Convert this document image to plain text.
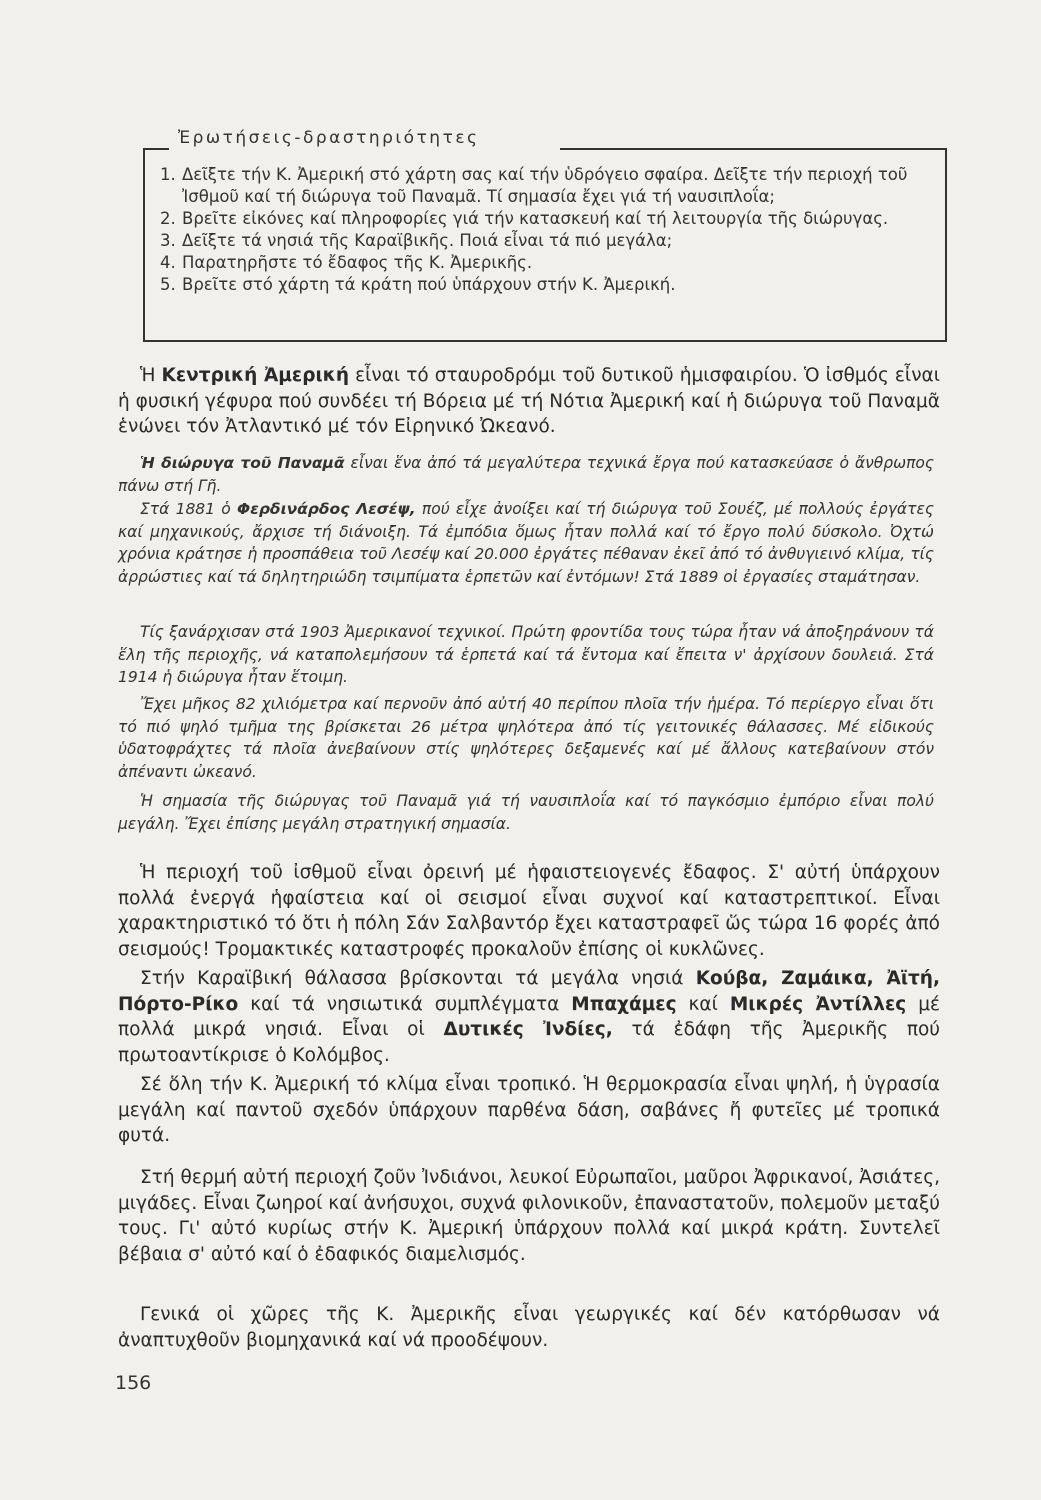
Ἐρωτήσεις-δραστηριότητες
1. Δεῖξτε τήν Κ. Ἀμερική στό χάρτη σας καί τήν ὑδρόγειο σφαίρα. Δεῖξτε τήν περιοχή τοῦ Ἰσθμοῦ καί τή διώρυγα τοῦ Παναμᾶ. Τί σημασία ἔχει γιά τή ναυσιπλοΐα;
2. Βρεῖτε εἰκόνες καί πληροφορίες γιά τήν κατασκευή καί τή λειτουργία τῆς διώρυγας.
3. Δεῖξτε τά νησιά τῆς Καραϊβικῆς. Ποιά εἶναι τά πιό μεγάλα;
4. Παρατηρῆστε τό ἔδαφος τῆς Κ. Ἀμερικῆς.
5. Βρεῖτε στό χάρτη τά κράτη πού ὑπάρχουν στήν Κ. Ἀμερική.
Ἡ Κεντρική Ἀμερική εἶναι τό σταυροδρόμι τοῦ δυτικοῦ ἡμισφαιρίου. Ὁ ἰσθμός εἶναι ἡ φυσική γέφυρα πού συνδέει τή Βόρεια μέ τή Νότια Ἀμερική καί ἡ διώρυγα τοῦ Παναμᾶ ἑνώνει τόν Ἀτλαντικό μέ τόν Εἰρηνικό Ὠκεανό.
Ἡ διώρυγα τοῦ Παναμᾶ εἶναι ἕνα ἀπό τά μεγαλύτερα τεχνικά ἔργα πού κατασκεύασε ὁ ἄνθρωπος πάνω στή Γῆ.
Στά 1881 ὁ Φερδινάρδος Λεσέψ, πού εἶχε ἀνοίξει καί τή διώρυγα τοῦ Σουέζ, μέ πολλούς ἐργάτες καί μηχανικούς, ἄρχισε τή διάνοιξη. Τά ἐμπόδια ὅμως ἦταν πολλά καί τό ἔργο πολύ δύσκολο. Ὀχτώ χρόνια κράτησε ἡ προσπάθεια τοῦ Λεσέψ καί 20.000 ἐργάτες πέθαναν ἐκεῖ ἀπό τό ἀνθυγιεινό κλίμα, τίς ἀρρώστιες καί τά δηλητηριώδη τσιμπίματα ἑρπετῶν καί ἐντόμων! Στά 1889 οἱ ἐργασίες σταμάτησαν.
Τίς ξανάρχισαν στά 1903 Ἀμερικανοί τεχνικοί. Πρώτη φροντίδα τους τώρα ἦταν νά ἀποξηράνουν τά ἕλη τῆς περιοχῆς, νά καταπολεμήσουν τά ἑρπετά καί τά ἔντομα καί ἔπειτα ν' ἀρχίσουν δουλειά. Στά 1914 ἡ διώρυγα ἦταν ἕτοιμη.
Ἔχει μῆκος 82 χιλιόμετρα καί περνοῦν ἀπό αὐτή 40 περίπου πλοῖα τήν ἡμέρα. Τό περίεργο εἶναι ὅτι τό πιό ψηλό τμῆμα της βρίσκεται 26 μέτρα ψηλότερα ἀπό τίς γειτονικές θάλασσες. Μέ εἰδικούς ὑδατοφράχτες τά πλοῖα ἀνεβαίνουν στίς ψηλότερες δεξαμενές καί μέ ἄλλους κατεβαίνουν στόν ἀπέναντι ὠκεανό.
Ἡ σημασία τῆς διώρυγας τοῦ Παναμᾶ γιά τή ναυσιπλοΐα καί τό παγκόσμιο ἐμπόριο εἶναι πολύ μεγάλη. Ἔχει ἐπίσης μεγάλη στρατηγική σημασία.
Ἡ περιοχή τοῦ ἰσθμοῦ εἶναι ὀρεινή μέ ἡφαιστειογενές ἔδαφος. Σ' αὐτή ὑπάρχουν πολλά ἐνεργά ἡφαίστεια καί οἱ σεισμοί εἶναι συχνοί καί καταστρεπτικοί. Εἶναι χαρακτηριστικό τό ὅτι ἡ πόλη Σάν Σαλβαντόρ ἔχει καταστραφεῖ ὥς τώρα 16 φορές ἀπό σεισμούς! Τρομακτικές καταστροφές προκαλοῦν ἐπίσης οἱ κυκλῶνες.
Στήν Καραϊβική θάλασσα βρίσκονται τά μεγάλα νησιά Κούβα, Ζαμάικα, Ἀϊτή, Πόρτο-Ρίκο καί τά νησιωτικά συμπλέγματα Μπαχάμες καί Μικρές Ἀντίλλες μέ πολλά μικρά νησιά. Εἶναι οἱ Δυτικές Ἰνδίες, τά ἐδάφη τῆς Ἀμερικῆς πού πρωτοαντίκρισε ὁ Κολόμβος.
Σέ ὅλη τήν Κ. Ἀμερική τό κλίμα εἶναι τροπικό. Ἡ θερμοκρασία εἶναι ψηλή, ἡ ὑγρασία μεγάλη καί παντοῦ σχεδόν ὑπάρχουν παρθένα δάση, σαβάνες ἤ φυτεῖες μέ τροπικά φυτά.
Στή θερμή αὐτή περιοχή ζοῦν Ἰνδιάνοι, λευκοί Εὐρωπαῖοι, μαῦροι Ἀφρικανοί, Ἀσιάτες, μιγάδες. Εἶναι ζωηροί καί ἀνήσυχοι, συχνά φιλονικοῦν, ἐπαναστατοῦν, πολεμοῦν μεταξύ τους. Γι' αὐτό κυρίως στήν Κ. Ἀμερική ὑπάρχουν πολλά καί μικρά κράτη. Συντελεῖ βέβαια σ' αὐτό καί ὁ ἐδαφικός διαμελισμός.
Γενικά οἱ χῶρες τῆς Κ. Ἀμερικῆς εἶναι γεωργικές καί δέν κατόρθωσαν νά ἀναπτυχθοῦν βιομηχανικά καί νά προοδέψουν.
156
